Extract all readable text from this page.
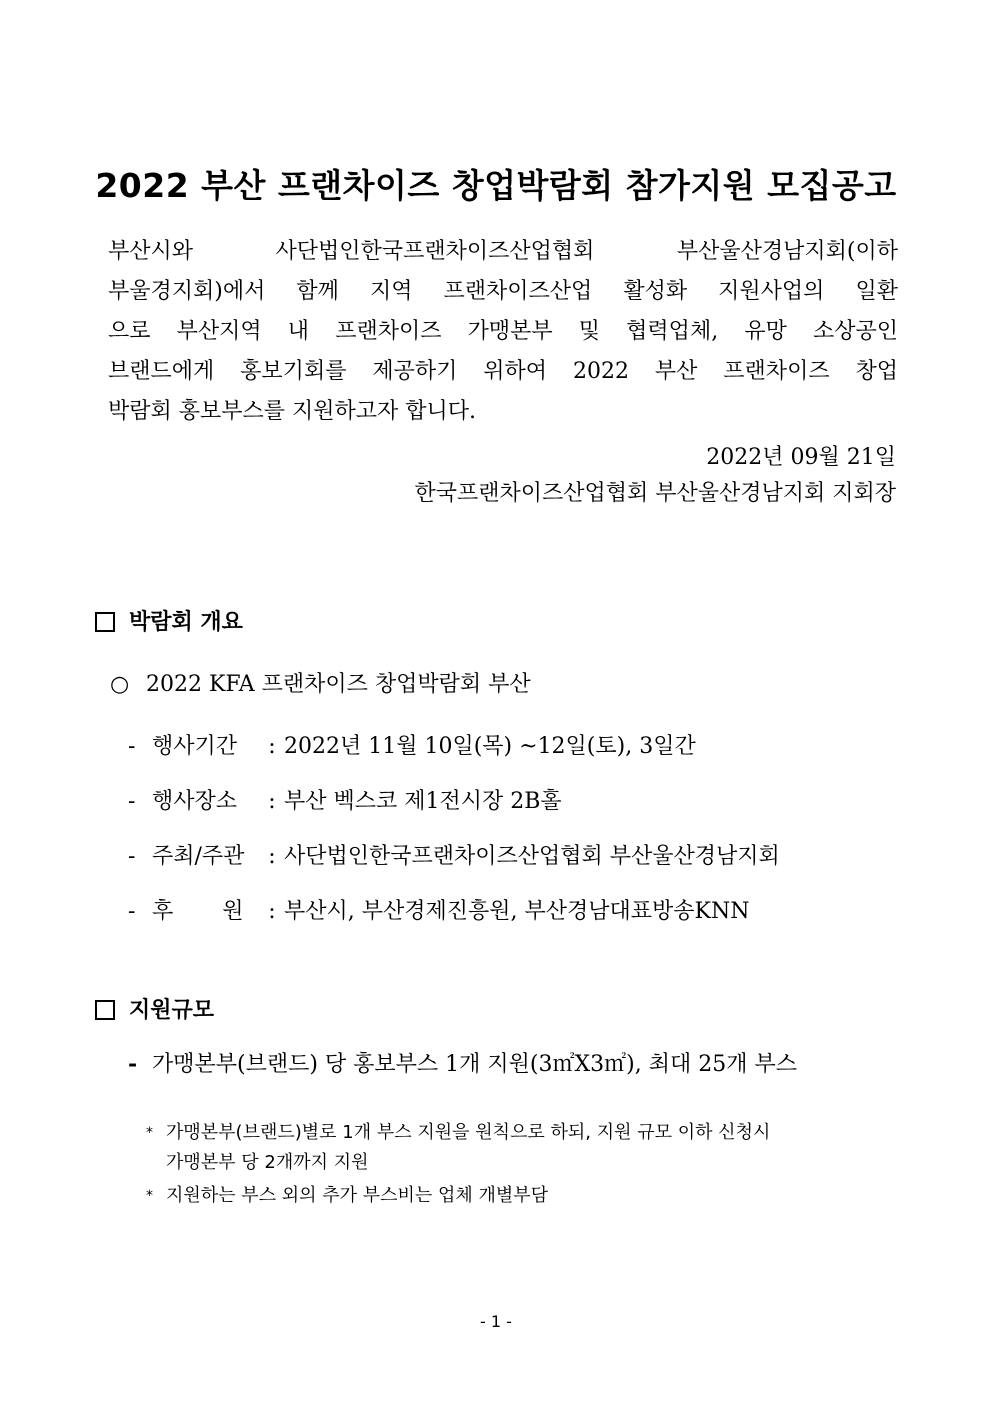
2022 부산 프랜차이즈 창업박람회 참가지원 모집공고
부산시와 사단법인한국프랜차이즈산업협회 부산울산경남지회(이하
부울경지회)에서 함께 지역 프랜차이즈산업 활성화 지원사업의 일환
으로 부산지역 내 프랜차이즈 가맹본부 및 협력업체, 유망 소상공인
브랜드에게 홍보기회를 제공하기 위하여 2022 부산 프랜차이즈 창업
박람회 홍보부스를 지원하고자 합니다.
2022년 09월 21일
한국프랜차이즈산업협회 부산울산경남지회 지회장
박람회 개요
○ 2022 KFA 프랜차이즈 창업박람회 부산
- 행사기간 : 2022년 11월 10일(목) ~12일(토), 3일간
- 행사장소 : 부산 벡스코 제1전시장 2B홀
- 주최/주관 : 사단법인한국프랜차이즈산업협회 부산울산경남지회
- 후       원 : 부산시, 부산경제진흥원, 부산경남대표방송KNN
지원규모
- 가맹본부(브랜드) 당 홍보부스 1개 지원(3㎡X3㎡), 최대 25개 부스
* 가맹본부(브랜드)별로 1개 부스 지원을 원칙으로 하되, 지원 규모 이하 신청시
가맹본부 당 2개까지 지원
* 지원하는 부스 외의 추가 부스비는 업체 개별부담
- 1 -
